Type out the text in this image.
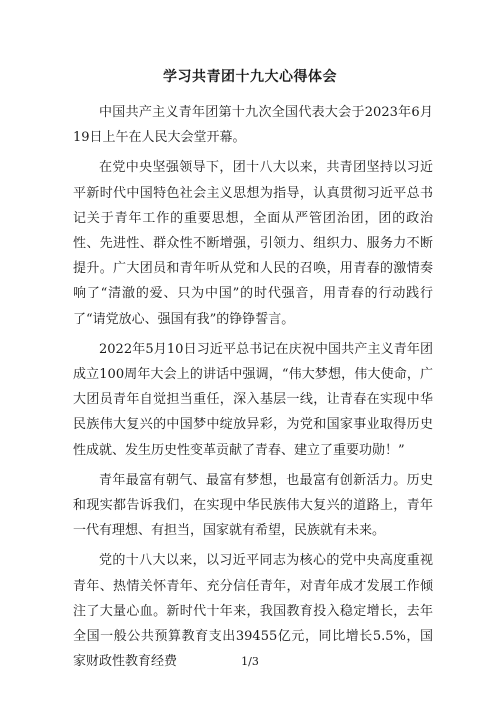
学习共青团十九大心得体会

中国共产主义青年团第十九次全国代表大会于2023年6月19日上午在人民大会堂开幕。

在党中央坚强领导下，团十八大以来，共青团坚持以习近平新时代中国特色社会主义思想为指导，认真贯彻习近平总书记关于青年工作的重要思想，全面从严管团治团，团的政治性、先进性、群众性不断增强，引领力、组织力、服务力不断提升。广大团员和青年听从党和人民的召唤，用青春的激情奏响了“清澈的爱、只为中国”的时代强音，用青春的行动践行了“请党放心、强国有我”的铮铮誓言。

2022年5月10日习近平总书记在庆祝中国共产主义青年团成立100周年大会上的讲话中强调，“伟大梦想，伟大使命，广大团员青年自觉担当重任，深入基层一线，让青春在实现中华民族伟大复兴的中国梦中绽放异彩，为党和国家事业取得历史性成就、发生历史性变革贡献了青春、建立了重要功勋！”

青年最富有朝气、最富有梦想，也最富有创新活力。历史和现实都告诉我们，在实现中华民族伟大复兴的道路上，青年一代有理想、有担当，国家就有希望，民族就有未来。

党的十八大以来，以习近平同志为核心的党中央高度重视青年、热情关怀青年、充分信任青年，对青年成才发展工作倾注了大量心血。新时代十年来，我国教育投入稳定增长，去年全国一般公共预算教育支出39455亿元，同比增长5.5%，国家财政性教育经费	1/3
